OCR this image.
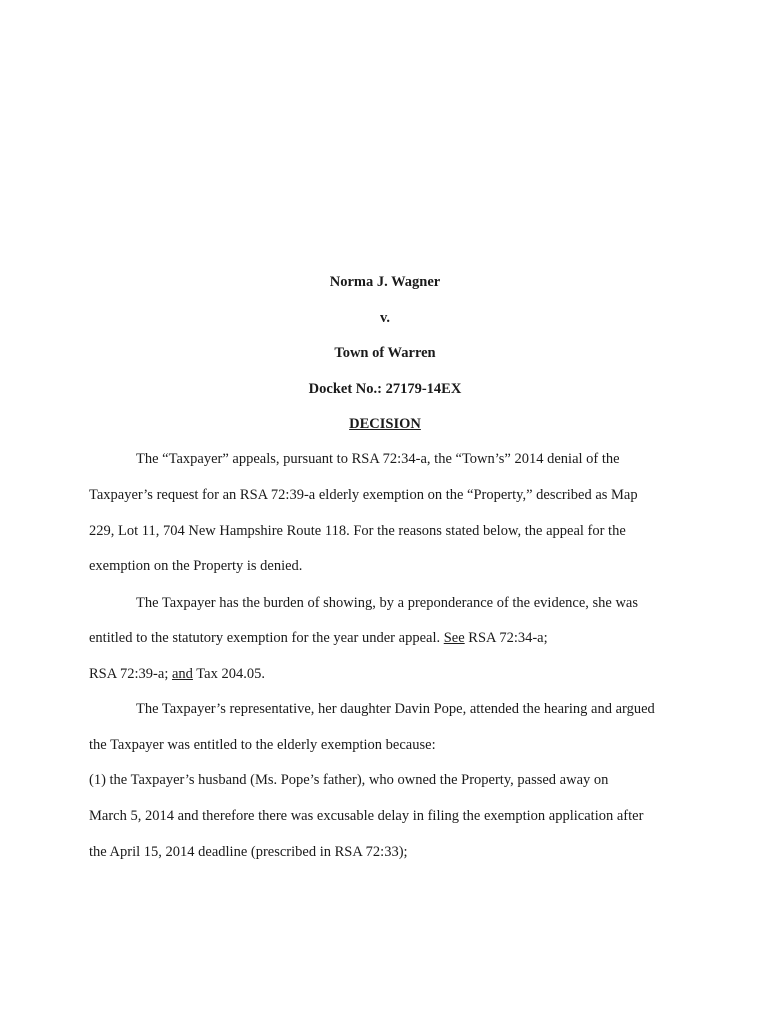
Norma J. Wagner
v.
Town of Warren
Docket No.: 27179-14EX
DECISION
The “Taxpayer” appeals, pursuant to RSA 72:34-a, the “Town’s” 2014 denial of the
Taxpayer’s request for an RSA 72:39-a elderly exemption on the “Property,” described as Map
229, Lot 11, 704 New Hampshire Route 118. For the reasons stated below, the appeal for the
exemption on the Property is denied.
The Taxpayer has the burden of showing, by a preponderance of the evidence, she was
entitled to the statutory exemption for the year under appeal. See RSA 72:34-a;
RSA 72:39-a; and Tax 204.05.
The Taxpayer’s representative, her daughter Davin Pope, attended the hearing and argued
the Taxpayer was entitled to the elderly exemption because:
(1) the Taxpayer’s husband (Ms. Pope’s father), who owned the Property, passed away on
March 5, 2014 and therefore there was excusable delay in filing the exemption application after
the April 15, 2014 deadline (prescribed in RSA 72:33);
